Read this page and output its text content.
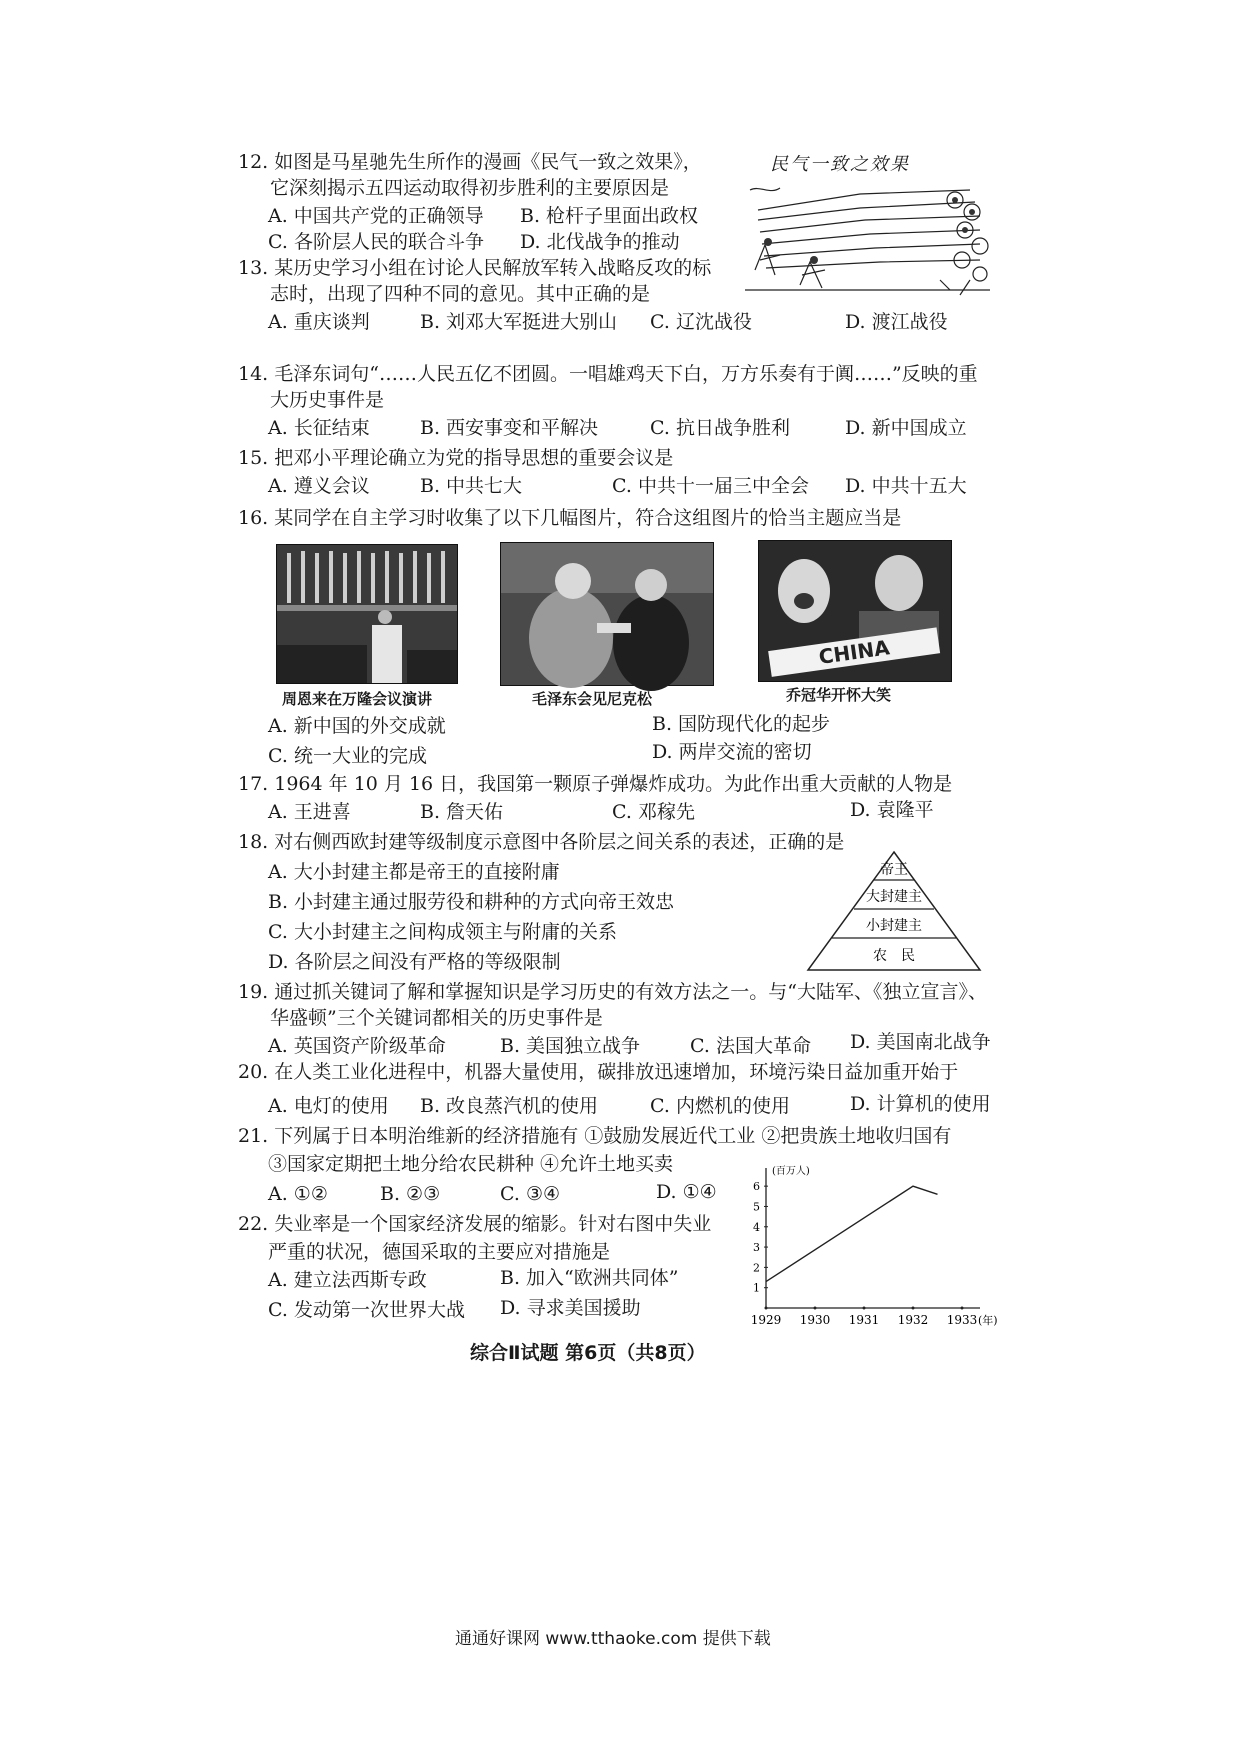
12. 如图是马星驰先生所作的漫画《民气一致之效果》，
它深刻揭示五四运动取得初步胜利的主要原因是
A. 中国共产党的正确领导 B. 枪杆子里面出政权
C. 各阶层人民的联合斗争 D. 北伐战争的推动
民气一致之效果
13. 某历史学习小组在讨论人民解放军转入战略反攻的标
志时，出现了四种不同的意见。其中正确的是
A. 重庆谈判	B. 刘邓大军挺进大别山 C. 辽沈战役	D. 渡江战役
14. 毛泽东词句“……人民五亿不团圆。一唱雄鸡天下白，万方乐奏有于阗……”反映的重
大历史事件是
A. 长征结束	B. 西安事变和平解决	C. 抗日战争胜利	D. 新中国成立
15. 把邓小平理论确立为党的指导思想的重要会议是
A. 遵义会议	B. 中共七大	C. 中共十一届三中全会 D. 中共十五大
16. 某同学在自主学习时收集了以下几幅图片，符合这组图片的恰当主题应当是
周恩来在万隆会议演讲	毛泽东会见尼克松
CHINA
乔冠华开怀大笑
A. 新中国的外交成就	B. 国防现代化的起步
C. 统一大业的完成	D. 两岸交流的密切
17. 1964 年 10 月 16 日，我国第一颗原子弹爆炸成功。为此作出重大贡献的人物是
A. 王进喜	B. 詹天佑	C. 邓稼先	D. 袁隆平
18. 对右侧西欧封建等级制度示意图中各阶层之间关系的表述，正确的是
A. 大小封建主都是帝王的直接附庸
B. 小封建主通过服劳役和耕种的方式向帝王效忠
C. 大小封建主之间构成领主与附庸的关系
D. 各阶层之间没有严格的等级限制
帝王
大封建主
小封建主
农　民
19. 通过抓关键词了解和掌握知识是学习历史的有效方法之一。与“大陆军、《独立宣言》、
华盛顿”三个关键词都相关的历史事件是
A. 英国资产阶级革命	B. 美国独立战争	C. 法国大革命 D. 美国南北战争
20. 在人类工业化进程中，机器大量使用，碳排放迅速增加，环境污染日益加重开始于
A. 电灯的使用 B. 改良蒸汽机的使用	C. 内燃机的使用	D. 计算机的使用
21. 下列属于日本明治维新的经济措施有 ①鼓励发展近代工业 ②把贵族土地收归国有
③国家定期把土地分给农民耕种 ④允许土地买卖
A. ①②	B. ②③	C. ③④	D. ①④
22. 失业率是一个国家经济发展的缩影。针对右图中失业
严重的状况，德国采取的主要应对措施是
A. 建立法西斯专政	B. 加入“欧洲共同体”
C. 发动第一次世界大战 D. 寻求美国援助
(百万人)
1
2
3
4
5
6
1929 1930 1931 1932 1933 (年)
综合Ⅱ试题 第6页（共8页）
通通好课网 www.tthaoke.com 提供下载
